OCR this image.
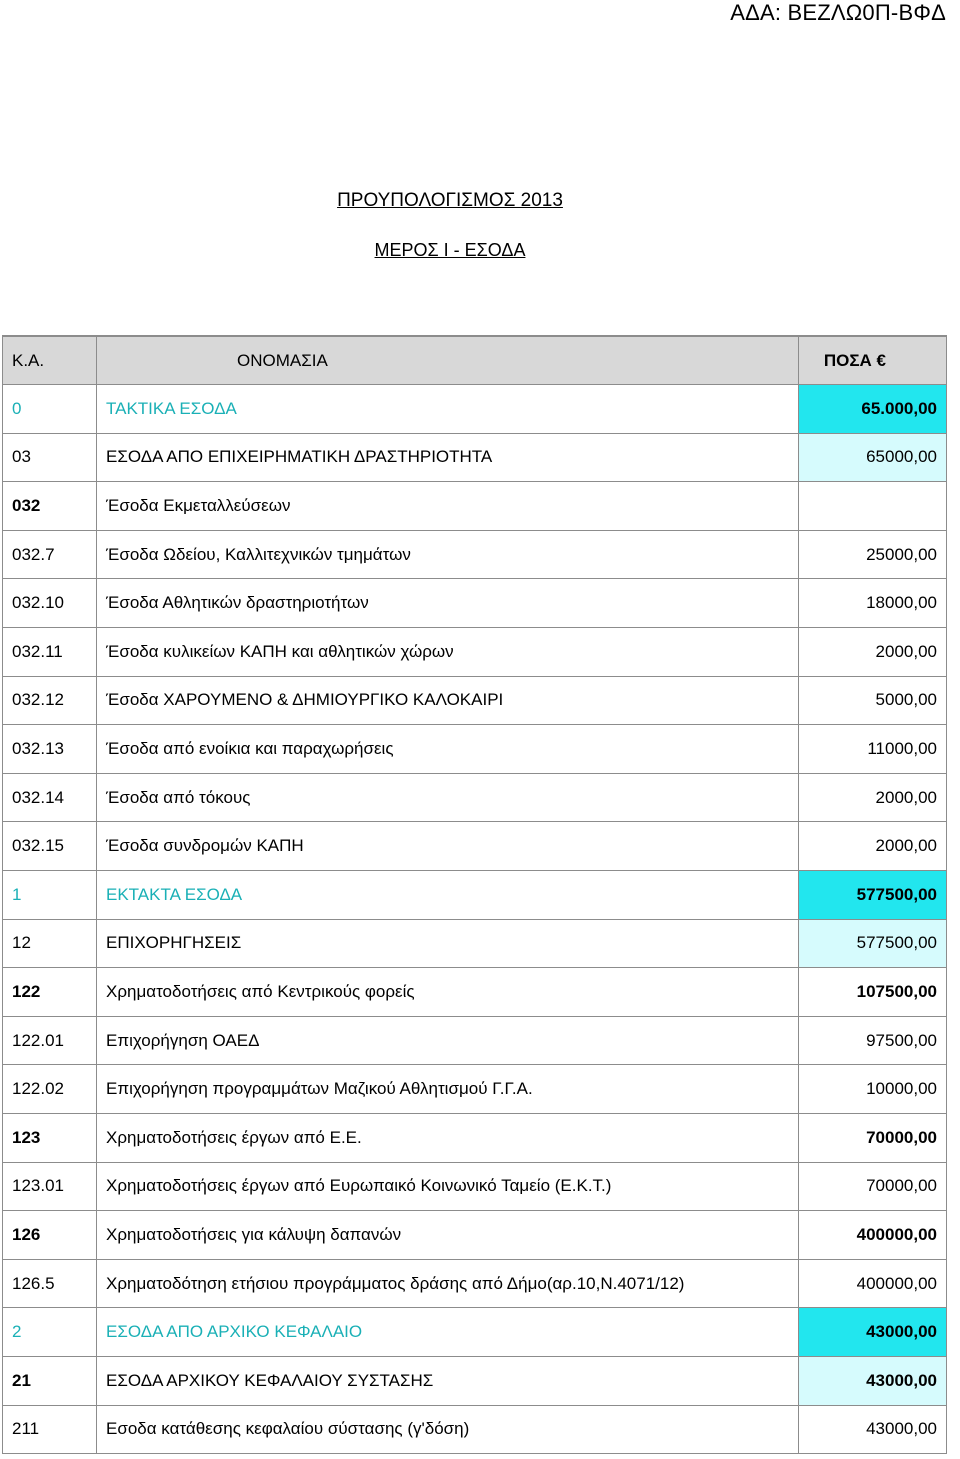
ΑΔΑ: ΒΕΖΛΩ0Π-ΒΦΔ
ΠΡΟΥΠΟΛΟΓΙΣΜΟΣ 2013
ΜΕΡΟΣ Ι - ΕΣΟΔΑ
Κ.Α.	ΟΝΟΜΑΣΙΑ	ΠΟΣΑ €
0	ΤΑΚΤΙΚΑ ΕΣΟΔΑ	65.000,00
03	ΕΣΟΔΑ ΑΠΟ ΕΠΙΧΕΙΡΗΜΑΤΙΚΗ ΔΡΑΣΤΗΡΙΟΤΗΤΑ	65000,00
032	Έσοδα Εκμεταλλεύσεων	
032.7	Έσοδα Ωδείου, Καλλιτεχνικών τμημάτων	25000,00
032.10	Έσοδα Αθλητικών δραστηριοτήτων	18000,00
032.11	Έσοδα κυλικείων ΚΑΠΗ και αθλητικών χώρων	2000,00
032.12	Έσοδα ΧΑΡΟΥΜΕΝΟ & ΔΗΜΙΟΥΡΓΙΚΟ ΚΑΛΟΚΑΙΡΙ	5000,00
032.13	Έσοδα από ενοίκια και παραχωρήσεις	11000,00
032.14	Έσοδα από τόκους	2000,00
032.15	Έσοδα συνδρομών ΚΑΠΗ	2000,00
1	ΕΚΤΑΚΤΑ ΕΣΟΔΑ	577500,00
12	ΕΠΙΧΟΡΗΓΗΣΕΙΣ	577500,00
122	Χρηματοδοτήσεις από Κεντρικούς φορείς	107500,00
122.01	Επιχορήγηση ΟΑΕΔ	97500,00
122.02	Επιχορήγηση προγραμμάτων Μαζικού Αθλητισμού Γ.Γ.Α.	10000,00
123	Χρηματοδοτήσεις έργων από Ε.Ε.	70000,00
123.01	Χρηματοδοτήσεις έργων από Ευρωπαικό Κοινωνικό Ταμείο (Ε.Κ.Τ.)	70000,00
126	Χρηματοδοτήσεις για κάλυψη δαπανών	400000,00
126.5	Χρηματοδότηση ετήσιου προγράμματος δράσης από Δήμο(αρ.10,Ν.4071/12)	400000,00
2	ΕΣΟΔΑ ΑΠΟ ΑΡΧΙΚΟ ΚΕΦΑΛΑΙΟ	43000,00
21	ΕΣΟΔΑ ΑΡΧΙΚΟΥ ΚΕΦΑΛΑΙΟΥ ΣΥΣΤΑΣΗΣ	43000,00
211	Εσοδα κατάθεσης κεφαλαίου σύστασης (γ'δόση)	43000,00
